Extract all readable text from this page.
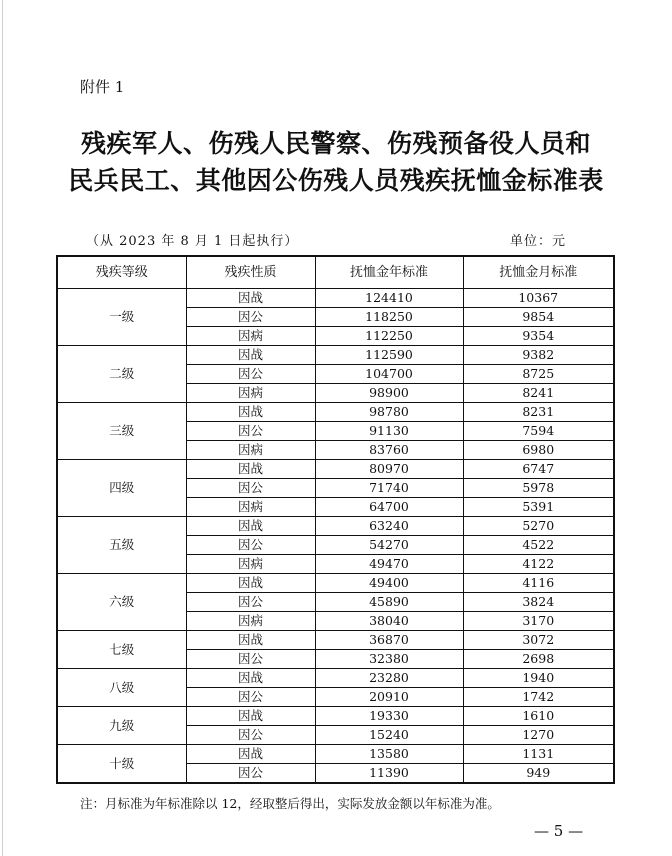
附件 1
残疾军人、伤残人民警察、伤残预备役人员和
民兵民工、其他因公伤残人员残疾抚恤金标准表
（从 2023 年 8 月 1 日起执行）	单位：元
残疾等级	残疾性质	抚恤金年标准	抚恤金月标准
一级	因战	124410	10367
	因公	118250	9854
	因病	112250	9354
二级	因战	112590	9382
	因公	104700	8725
	因病	98900	8241
三级	因战	98780	8231
	因公	91130	7594
	因病	83760	6980
四级	因战	80970	6747
	因公	71740	5978
	因病	64700	5391
五级	因战	63240	5270
	因公	54270	4522
	因病	49470	4122
六级	因战	49400	4116
	因公	45890	3824
	因病	38040	3170
七级	因战	36870	3072
	因公	32380	2698
八级	因战	23280	1940
	因公	20910	1742
九级	因战	19330	1610
	因公	15240	1270
十级	因战	13580	1131
	因公	11390	949
注：月标准为年标准除以 12，经取整后得出，实际发放金额以年标准为准。
— 5 —
